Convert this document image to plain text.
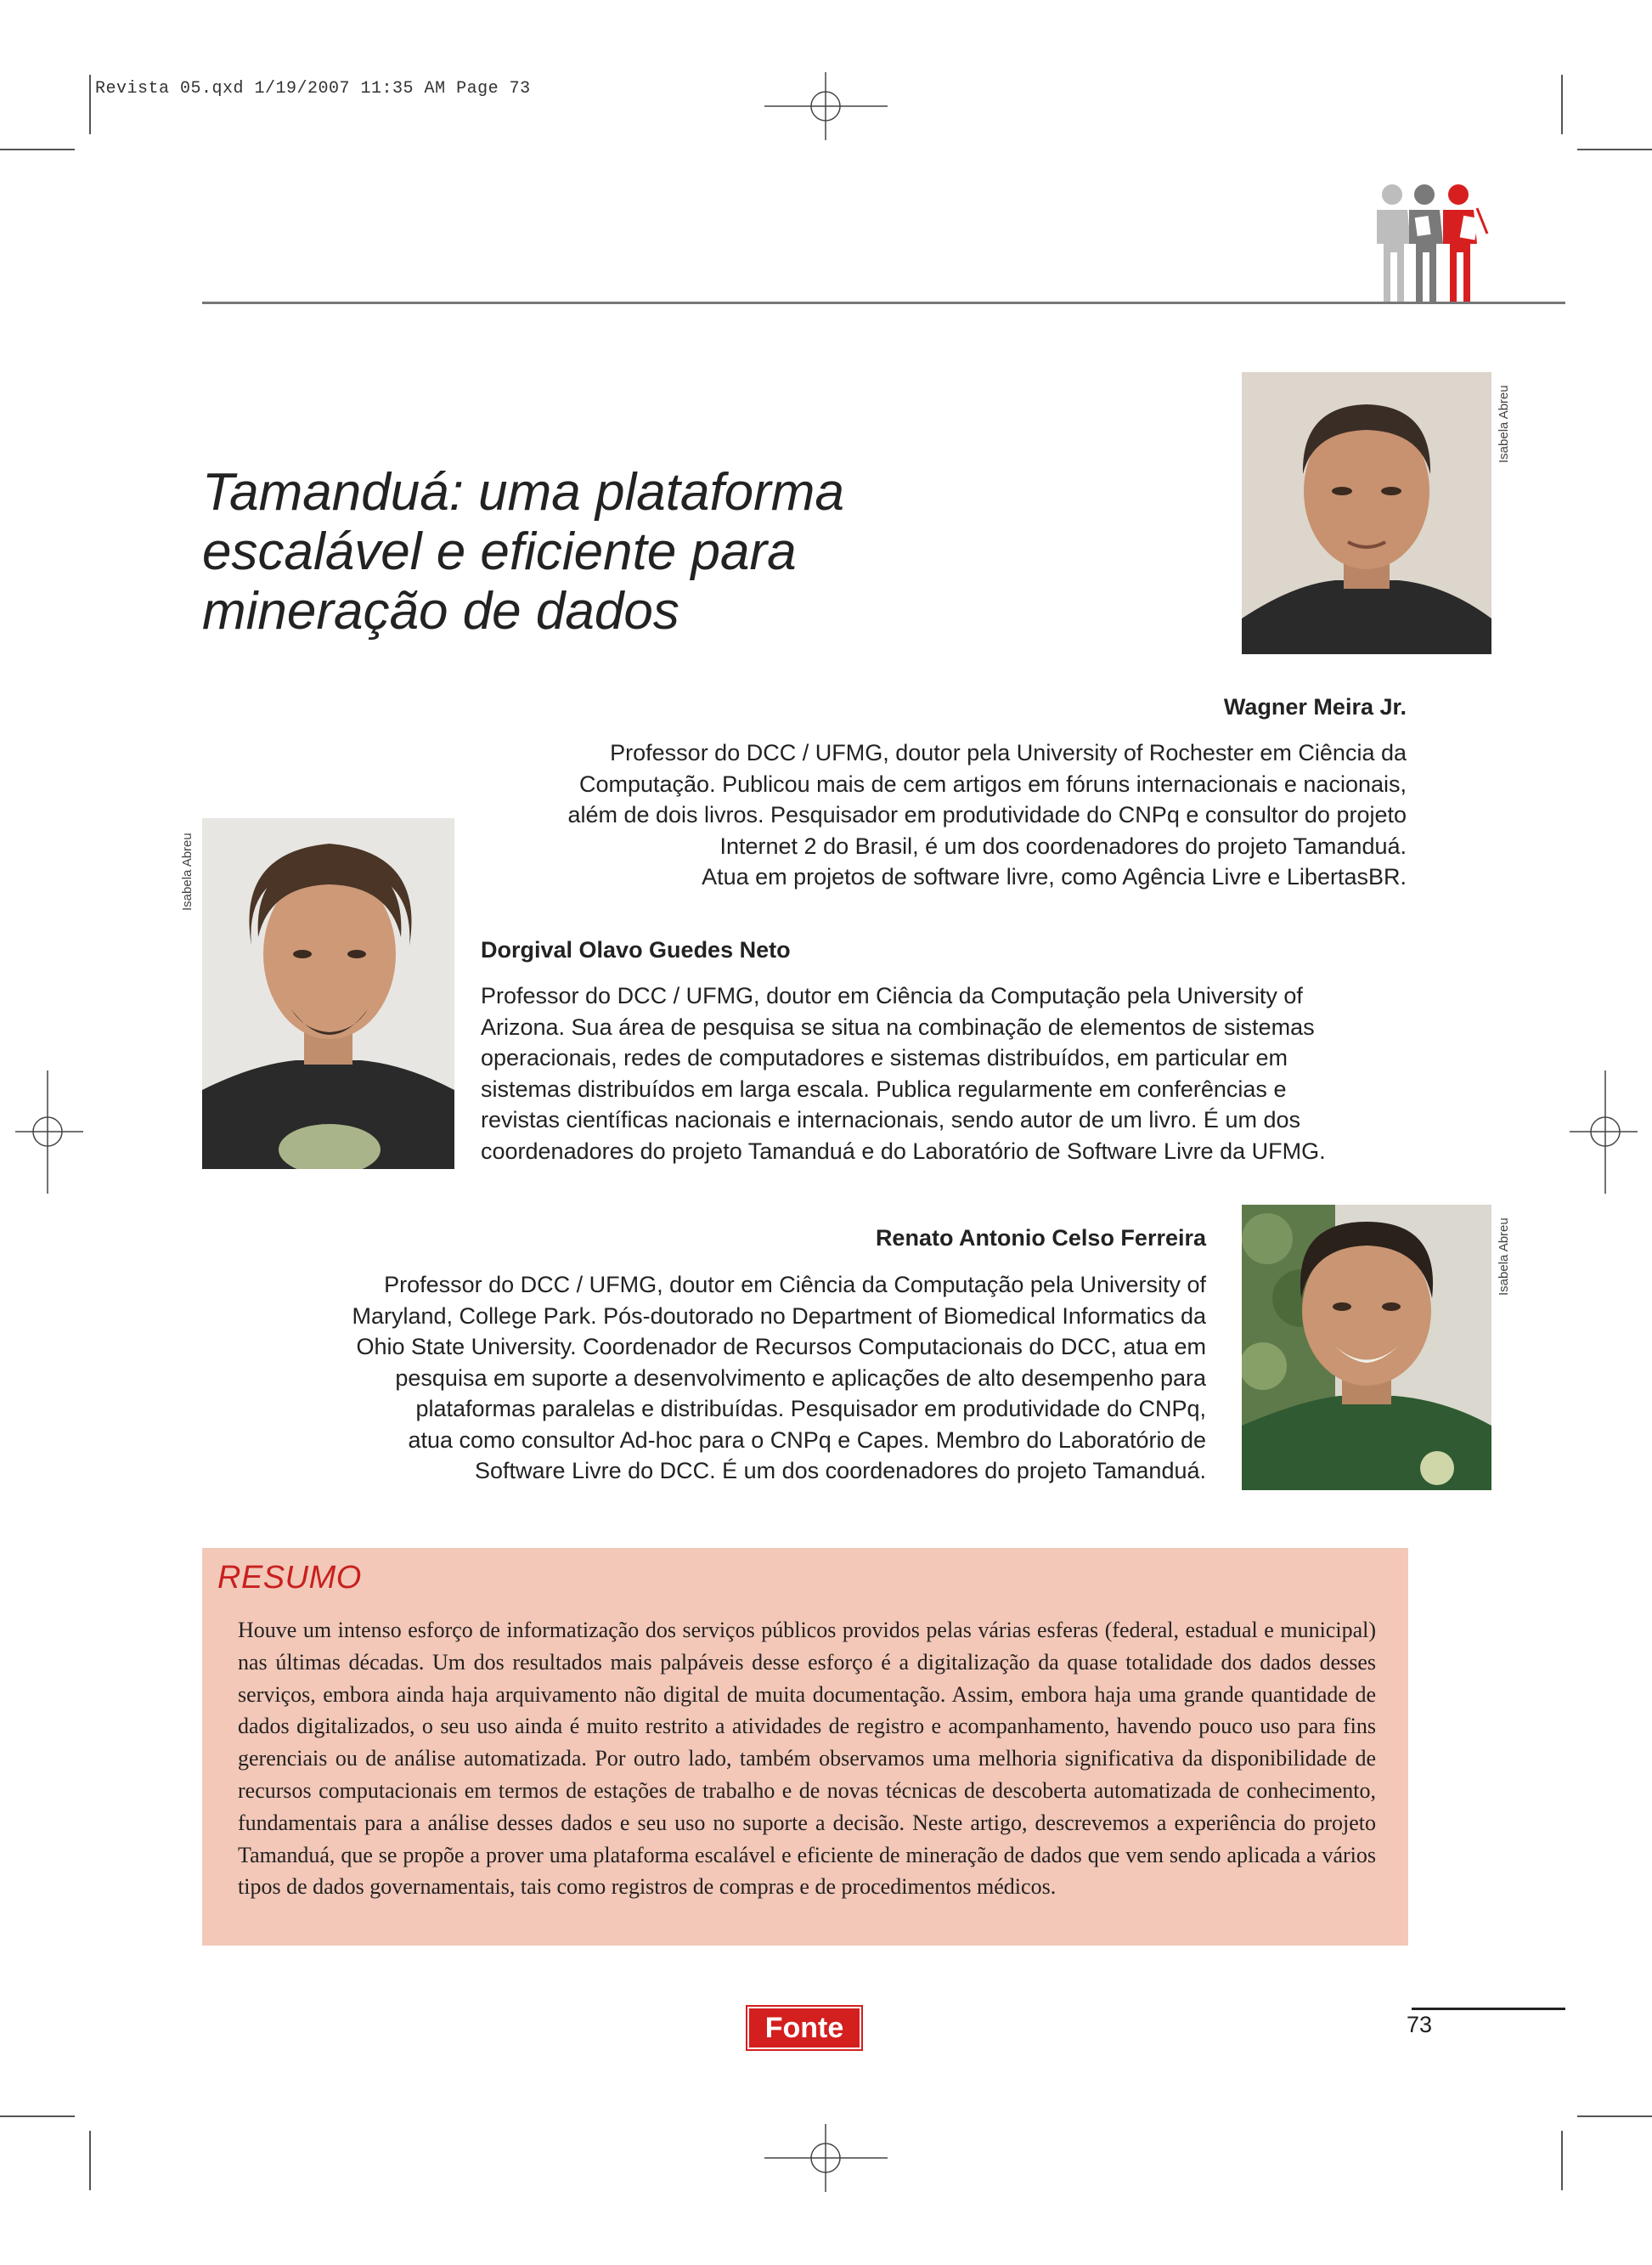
Revista 05.qxd 1/19/2007 11:35 AM Page 73
Tamanduá: uma plataforma
escalável e eficiente para
mineração de dados
Isabela Abreu
Wagner Meira Jr.
Professor do DCC / UFMG, doutor pela University of Rochester em Ciência da
Computação. Publicou mais de cem artigos em fóruns internacionais e nacionais,
além de dois livros. Pesquisador em produtividade do CNPq e consultor do projeto
Internet 2 do Brasil, é um dos coordenadores do projeto Tamanduá.
Atua em projetos de software livre, como Agência Livre e LibertasBR.
Isabela Abreu
Dorgival Olavo Guedes Neto
Professor do DCC / UFMG, doutor em Ciência da Computação pela University of
Arizona. Sua área de pesquisa se situa na combinação de elementos de sistemas
operacionais, redes de computadores e sistemas distribuídos, em particular em
sistemas distribuídos em larga escala. Publica regularmente em conferências e
revistas científicas nacionais e internacionais, sendo autor de um livro. É um dos
coordenadores do projeto Tamanduá e do Laboratório de Software Livre da UFMG.
Renato Antonio Celso Ferreira
Professor do DCC / UFMG, doutor em Ciência da Computação pela University of
Maryland, College Park. Pós-doutorado no Department of Biomedical Informatics da
Ohio State University. Coordenador de Recursos Computacionais do DCC, atua em
pesquisa em suporte a desenvolvimento e aplicações de alto desempenho para
plataformas paralelas e distribuídas. Pesquisador em produtividade do CNPq,
atua como consultor Ad-hoc para o CNPq e Capes. Membro do Laboratório de
Software Livre do DCC. É um dos coordenadores do projeto Tamanduá.
Isabela Abreu
RESUMO
Houve um intenso esforço de informatização dos serviços públicos providos pelas várias esferas (federal, estadual e municipal) nas últimas décadas. Um dos resultados mais palpáveis desse esforço é a digitalização da quase totalidade dos dados desses serviços, embora ainda haja arquivamento não digital de muita documentação. Assim, embora haja uma grande quantidade de dados digitalizados, o seu uso ainda é muito restrito a atividades de registro e acompanhamento, havendo pouco uso para fins gerenciais ou de análise automatizada. Por outro lado, também observamos uma melhoria significativa da disponibilidade de recursos computacionais em termos de estações de trabalho e de novas técnicas de descoberta automatizada de conhecimento, fundamentais para a análise desses dados e seu uso no suporte a decisão. Neste artigo, descrevemos a experiência do projeto Tamanduá, que se propõe a prover uma plataforma escalável e eficiente de mineração de dados que vem sendo aplicada a vários tipos de dados governamentais, tais como registros de compras e de procedimentos médicos.
Fonte	73
